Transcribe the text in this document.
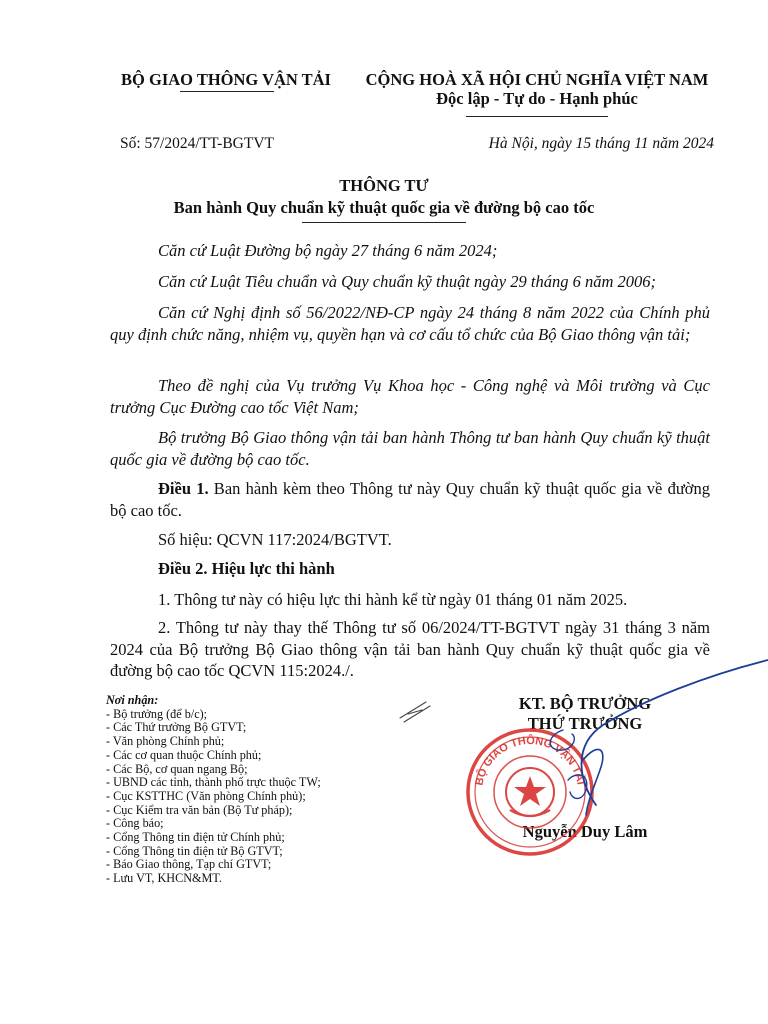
BỘ GIAO THÔNG VẬN TẢI	CỘNG HOÀ XÃ HỘI CHỦ NGHĨA VIỆT NAM
Độc lập - Tự do - Hạnh phúc
Số: 57/2024/TT-BGTVT	Hà Nội, ngày 15 tháng 11 năm 2024
THÔNG TƯ
Ban hành Quy chuẩn kỹ thuật quốc gia về đường bộ cao tốc
Căn cứ Luật Đường bộ ngày 27 tháng 6 năm 2024;
Căn cứ Luật Tiêu chuẩn và Quy chuẩn kỹ thuật ngày 29 tháng 6 năm 2006;
Căn cứ Nghị định số 56/2022/NĐ-CP ngày 24 tháng 8 năm 2022 của Chính phủ quy định chức năng, nhiệm vụ, quyền hạn và cơ cấu tổ chức của Bộ Giao thông vận tải;
Theo đề nghị của Vụ trưởng Vụ Khoa học - Công nghệ và Môi trường và Cục trưởng Cục Đường cao tốc Việt Nam;
Bộ trưởng Bộ Giao thông vận tải ban hành Thông tư ban hành Quy chuẩn kỹ thuật quốc gia về đường bộ cao tốc.
Điều 1. Ban hành kèm theo Thông tư này Quy chuẩn kỹ thuật quốc gia về đường bộ cao tốc.
Số hiệu: QCVN 117:2024/BGTVT.
Điều 2. Hiệu lực thi hành
1. Thông tư này có hiệu lực thi hành kể từ ngày 01 tháng 01 năm 2025.
2. Thông tư này thay thế Thông tư số 06/2024/TT-BGTVT ngày 31 tháng 3 năm 2024 của Bộ trưởng Bộ Giao thông vận tải ban hành Quy chuẩn kỹ thuật quốc gia về đường bộ cao tốc QCVN 115:2024./.
Nơi nhận:
- Bộ trưởng (để b/c);
- Các Thứ trưởng Bộ GTVT;
- Văn phòng Chính phủ;
- Các cơ quan thuộc Chính phủ;
- Các Bộ, cơ quan ngang Bộ;
- UBND các tỉnh, thành phố trực thuộc TW;
- Cục KSTTHC (Văn phòng Chính phủ);
- Cục Kiểm tra văn bản (Bộ Tư pháp);
- Công báo;
- Cổng Thông tin điện tử Chính phủ;
- Cổng Thông tin điện tử Bộ GTVT;
- Báo Giao thông, Tạp chí GTVT;
- Lưu VT, KHCN&MT.
KT. BỘ TRƯỞNG
THỨ TRƯỞNG
Nguyễn Duy Lâm
BỘ GIAO THÔNG VẬN TẢI
